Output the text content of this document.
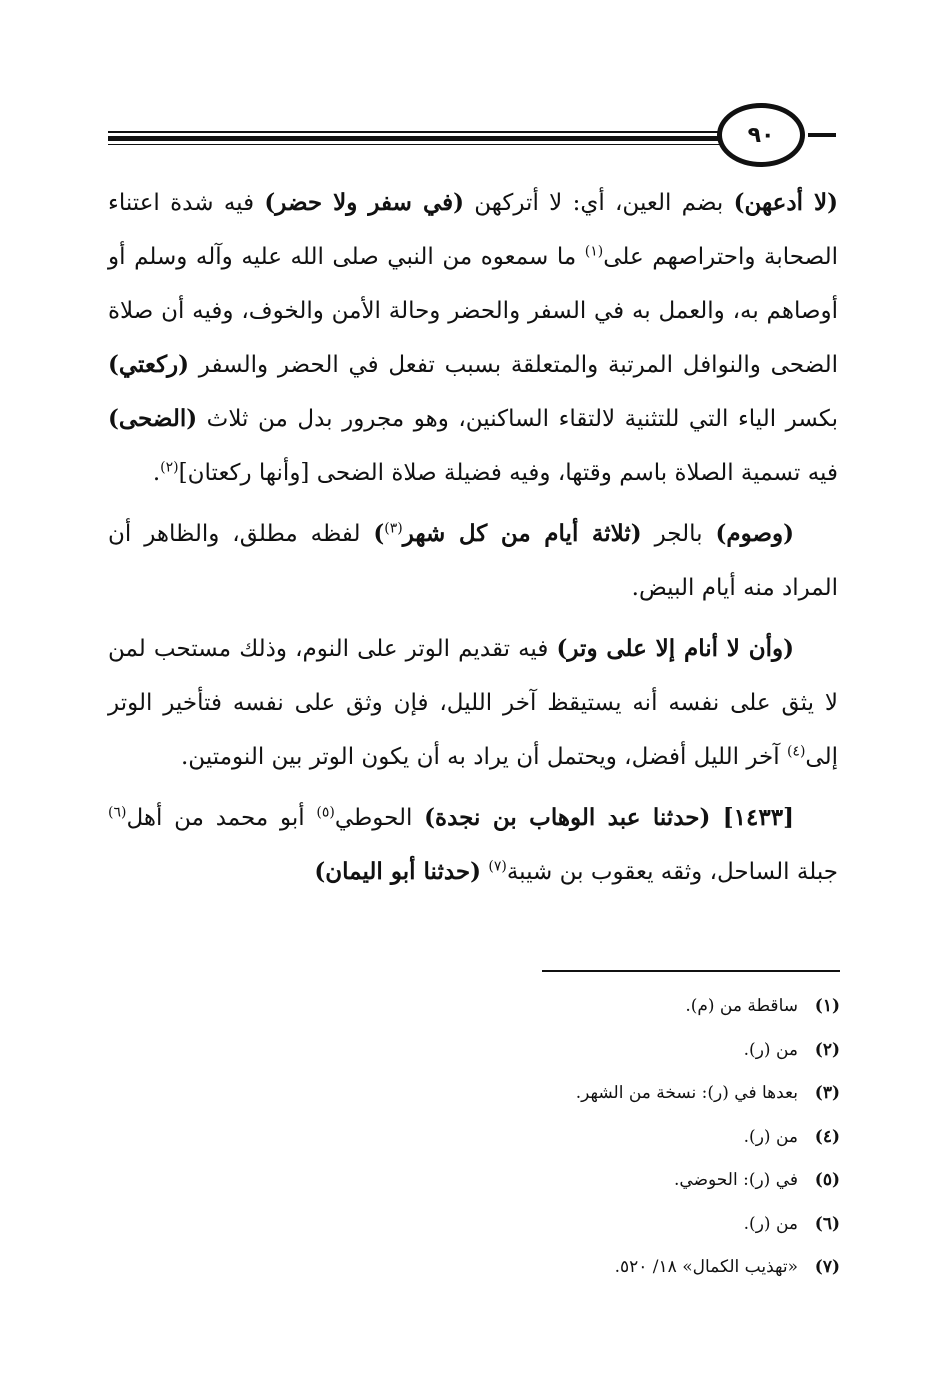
٩٠

(لا أدعهن) بضم العين، أي: لا أتركهن (في سفر ولا حضر) فيه شدة اعتناء الصحابة واحتراصهم على$^{(١)}$ ما سمعوه من النبي صلى الله عليه وآله وسلم أو أوصاهم به، والعمل به في السفر والحضر وحالة الأمن والخوف، وفيه أن صلاة الضحى والنوافل المرتبة والمتعلقة بسبب تفعل في الحضر والسفر (ركعتي) بكسر الياء التي للتثنية لالتقاء الساكنين، وهو مجرور بدل من ثلاث (الضحى) فيه تسمية الصلاة باسم وقتها، وفيه فضيلة صلاة الضحى [وأنها ركعتان]$^{(٢)}$.

(وصوم) بالجر (ثلاثة أيام من كل شهر$^{(٣)}$) لفظه مطلق، والظاهر أن المراد منه أيام البيض.

(وأن لا أنام إلا على وتر) فيه تقديم الوتر على النوم، وذلك مستحب لمن لا يثق على نفسه أنه يستيقظ آخر الليل، فإن وثق على نفسه فتأخير الوتر إلى$^{(٤)}$ آخر الليل أفضل، ويحتمل أن يراد به أن يكون الوتر بين النومتين.

[١٤٣٣] (حدثنا عبد الوهاب بن نجدة) الحوطي$^{(٥)}$ أبو محمد من أهل$^{(٦)}$ جبلة الساحل، وثقه يعقوب بن شيبة$^{(٧)}$ (حدثنا أبو اليمان)

(١)ساقطة من (م).
(٢)من (ر).
(٣)بعدها في (ر): نسخة من الشهر.
(٤)من (ر).
(٥)في (ر): الحوضي.
(٦)من (ر).
(٧)«تهذيب الكمال» ١٨/ ٥٢٠.
